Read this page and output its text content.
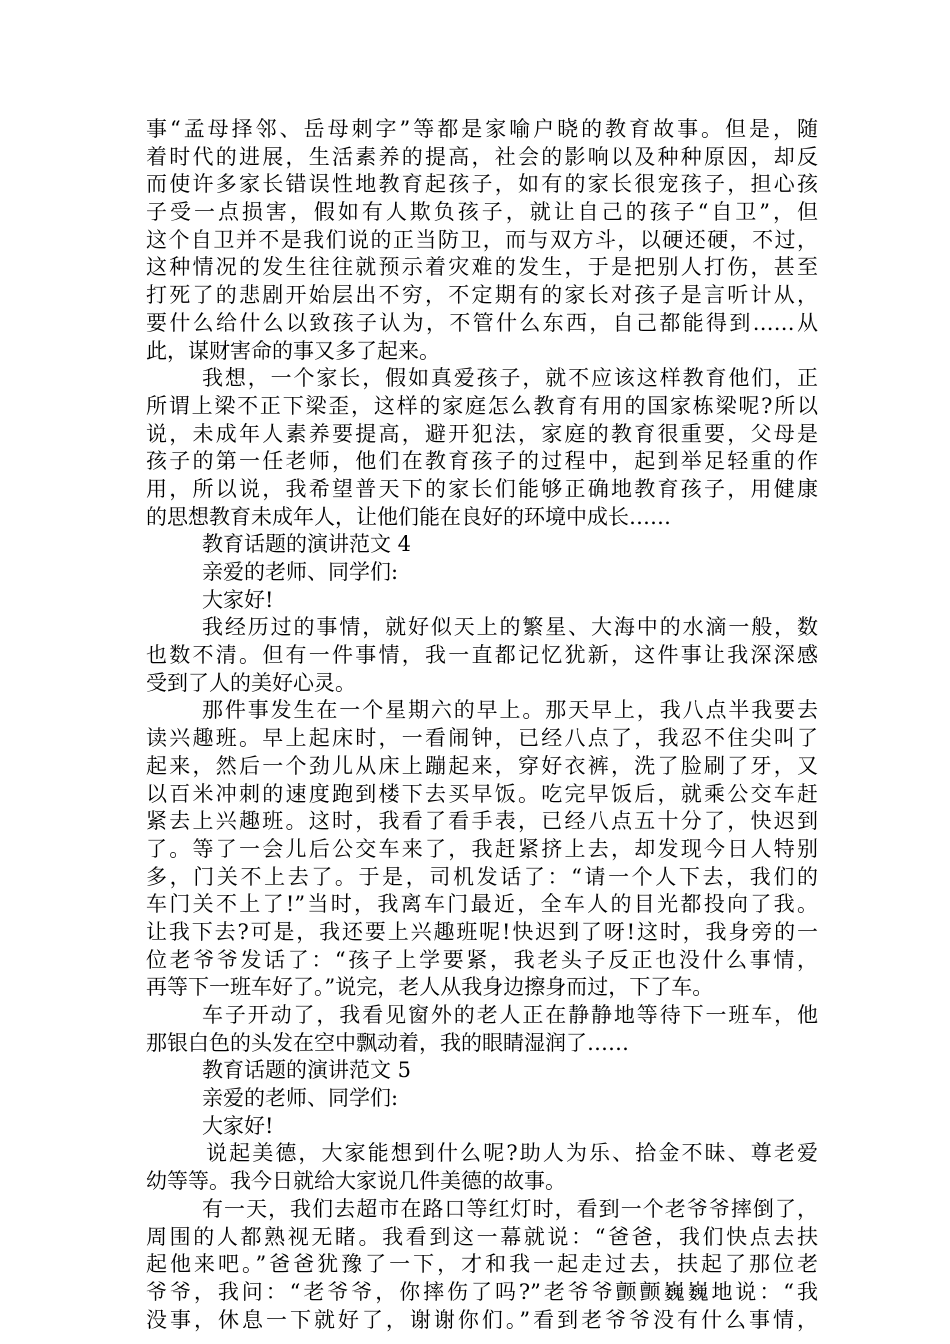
事“孟母择邻、岳母刺字”等都是家喻户晓的教育故事。但是，随
着时代的进展，生活素养的提高，社会的影响以及种种原因，却反
而使许多家长错误性地教育起孩子，如有的家长很宠孩子，担心孩
子受一点损害，假如有人欺负孩子，就让自己的孩子“自卫”，但
这个自卫并不是我们说的正当防卫，而与双方斗，以硬还硬，不过，
这种情况的发生往往就预示着灾难的发生，于是把别人打伤，甚至
打死了的悲剧开始层出不穷，不定期有的家长对孩子是言听计从，
要什么给什么以致孩子认为，不管什么东西，自己都能得到……从
此，谋财害命的事又多了起来。
我想，一个家长，假如真爱孩子，就不应该这样教育他们，正
所谓上梁不正下梁歪，这样的家庭怎么教育有用的国家栋梁呢?所以
说，未成年人素养要提高，避开犯法，家庭的教育很重要，父母是
孩子的第一任老师，他们在教育孩子的过程中，起到举足轻重的作
用，所以说，我希望普天下的家长们能够正确地教育孩子，用健康
的思想教育未成年人，让他们能在良好的环境中成长……
教育话题的演讲范文 4
亲爱的老师、同学们:
大家好!
我经历过的事情，就好似天上的繁星、大海中的水滴一般，数
也数不清。但有一件事情，我一直都记忆犹新，这件事让我深深感
受到了人的美好心灵。
那件事发生在一个星期六的早上。那天早上，我八点半我要去
读兴趣班。早上起床时，一看闹钟，已经八点了，我忍不住尖叫了
起来，然后一个劲儿从床上蹦起来，穿好衣裤，洗了脸刷了牙，又
以百米冲刺的速度跑到楼下去买早饭。吃完早饭后，就乘公交车赶
紧去上兴趣班。这时，我看了看手表，已经八点五十分了，快迟到
了。等了一会儿后公交车来了，我赶紧挤上去，却发现今日人特别
多，门关不上去了。于是，司机发话了：“请一个人下去，我们的
车门关不上了!”当时，我离车门最近，全车人的目光都投向了我。
让我下去?可是，我还要上兴趣班呢!快迟到了呀!这时，我身旁的一
位老爷爷发话了：“孩子上学要紧，我老头子反正也没什么事情，
再等下一班车好了。”说完，老人从我身边擦身而过，下了车。
车子开动了，我看见窗外的老人正在静静地等待下一班车，他
那银白色的头发在空中飘动着，我的眼睛湿润了……
教育话题的演讲范文 5
亲爱的老师、同学们:
大家好!
说起美德，大家能想到什么呢?助人为乐、拾金不昧、尊老爱
幼等等。我今日就给大家说几件美德的故事。
有一天，我们去超市在路口等红灯时，看到一个老爷爷摔倒了，
周围的人都熟视无睹。我看到这一幕就说：“爸爸，我们快点去扶
起他来吧。”爸爸犹豫了一下，才和我一起走过去，扶起了那位老
爷爷，我问：“老爷爷，你摔伤了吗?”老爷爷颤颤巍巍地说：“我
没事，休息一下就好了，谢谢你们。”看到老爷爷没有什么事情，
